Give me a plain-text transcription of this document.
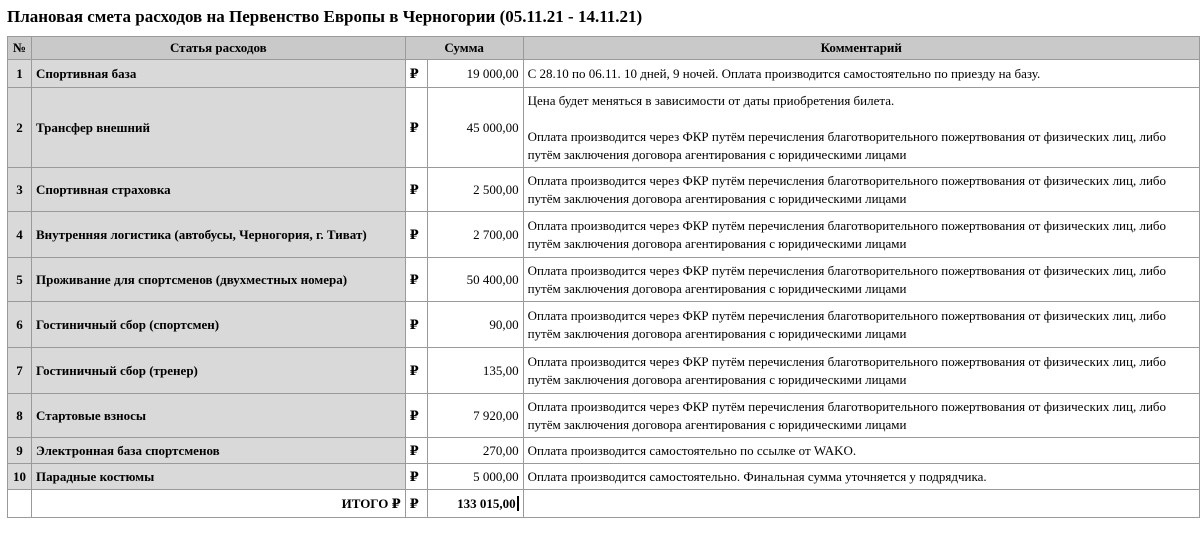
Плановая смета расходов на Первенство Европы в Черногории (05.11.21 - 14.11.21)
№	Статья расходов	Сумма		Комментарий
1	Спортивная база	₽	19 000,00	С 28.10 по 06.11. 10 дней, 9 ночей. Оплата производится самостоятельно по приезду на базу.
2	Трансфер внешний	₽	45 000,00	Цена будет меняться в зависимости от даты приобретения билета.

Оплата производится через ФКР путём перечисления благотворительного пожертвования от физических лиц, либо путём заключения договора агентирования с юридическими лицами
3	Спортивная страховка	₽	2 500,00	Оплата производится через ФКР путём перечисления благотворительного пожертвования от физических лиц, либо путём заключения договора агентирования с юридическими лицами
4	Внутренняя логистика (автобусы, Черногория, г. Тиват)	₽	2 700,00	Оплата производится через ФКР путём перечисления благотворительного пожертвования от физических лиц, либо путём заключения договора агентирования с юридическими лицами
5	Проживание для спортсменов (двухместных номера)	₽	50 400,00	Оплата производится через ФКР путём перечисления благотворительного пожертвования от физических лиц, либо путём заключения договора агентирования с юридическими лицами
6	Гостиничный сбор (спортсмен)	₽	90,00	Оплата производится через ФКР путём перечисления благотворительного пожертвования от физических лиц, либо путём заключения договора агентирования с юридическими лицами
7	Гостиничный сбор (тренер)	₽	135,00	Оплата производится через ФКР путём перечисления благотворительного пожертвования от физических лиц, либо путём заключения договора агентирования с юридическими лицами
8	Стартовые взносы	₽	7 920,00	Оплата производится через ФКР путём перечисления благотворительного пожертвования от физических лиц, либо путём заключения договора агентирования с юридическими лицами
9	Электронная база спортсменов	₽	270,00	Оплата производится самостоятельно по ссылке от WAKO.
10	Парадные костюмы	₽	5 000,00	Оплата производится самостоятельно. Финальная сумма уточняется у подрядчика.
	ИТОГО ₽	₽	133 015,00	
